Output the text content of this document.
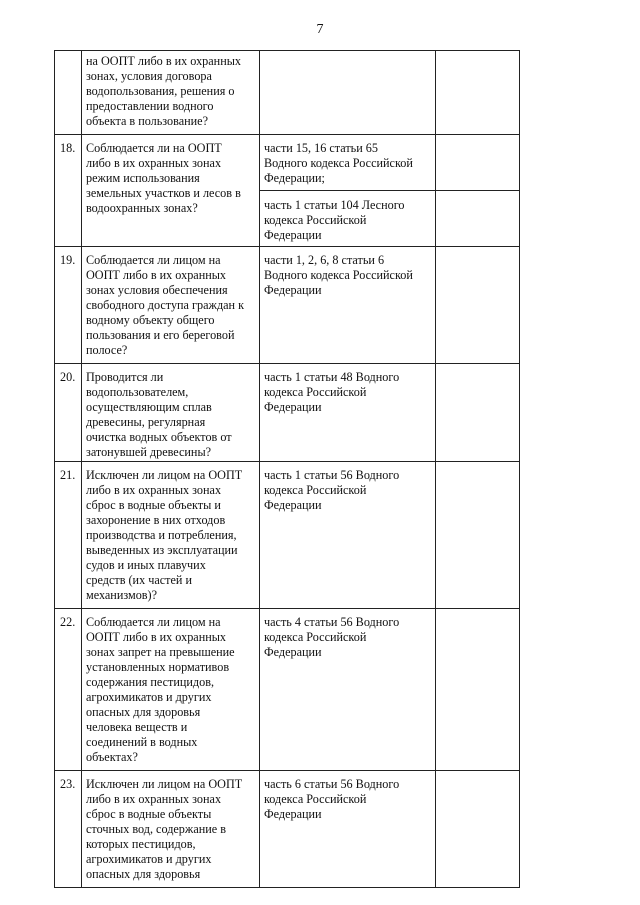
7
на ООПТ либо в их охранных
зонах, условия договора
водопользования, решения о
предоставлении водного
объекта в пользование?
18. Соблюдается ли на ООПТ
либо в их охранных зонах
режим использования
земельных участков и лесов в
водоохранных зонах?
части 15, 16 статьи 65
Водного кодекса Российской
Федерации;
часть 1 статьи 104 Лесного
кодекса Российской
Федерации
19. Соблюдается ли лицом на
ООПТ либо в их охранных
зонах условия обеспечения
свободного доступа граждан к
водному объекту общего
пользования и его береговой
полосе?
части 1, 2, 6, 8 статьи 6
Водного кодекса Российской
Федерации
20. Проводится ли
водопользователем,
осуществляющим сплав
древесины, регулярная
очистка водных объектов от
затонувшей древесины?
часть 1 статьи 48 Водного
кодекса Российской
Федерации
21. Исключен ли лицом на ООПТ
либо в их охранных зонах
сброс в водные объекты и
захоронение в них отходов
производства и потребления,
выведенных из эксплуатации
судов и иных плавучих
средств (их частей и
механизмов)?
часть 1 статьи 56 Водного
кодекса Российской
Федерации
22. Соблюдается ли лицом на
ООПТ либо в их охранных
зонах запрет на превышение
установленных нормативов
содержания пестицидов,
агрохимикатов и других
опасных для здоровья
человека веществ и
соединений в водных
объектах?
часть 4 статьи 56 Водного
кодекса Российской
Федерации
23. Исключен ли лицом на ООПТ
либо в их охранных зонах
сброс в водные объекты
сточных вод, содержание в
которых пестицидов,
агрохимикатов и других
опасных для здоровья
часть 6 статьи 56 Водного
кодекса Российской
Федерации
